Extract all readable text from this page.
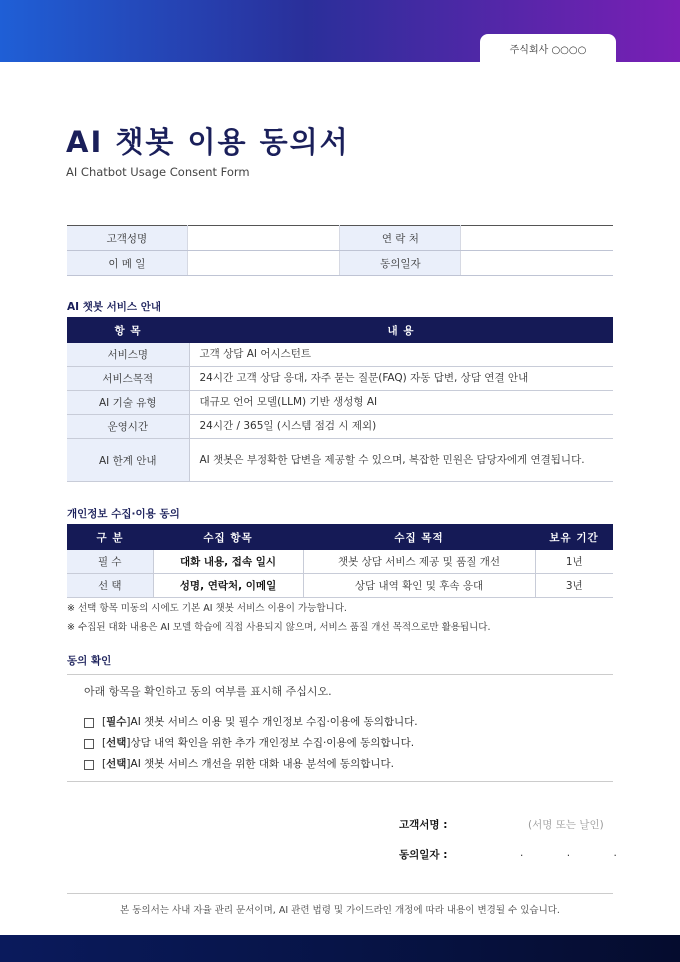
주식회사 ○○○○
AI 챗봇 이용 동의서
AI Chatbot Usage Consent Form
고객성명		연 락 처	
이 메 일		동의일자	
AI 챗봇 서비스 안내
항 목	내 용
서비스명	고객 상담 AI 어시스턴트
서비스목적	24시간 고객 상담 응대, 자주 묻는 질문(FAQ) 자동 답변, 상담 연결 안내
AI 기술 유형	대규모 언어 모델(LLM) 기반 생성형 AI
운영시간	24시간 / 365일 (시스템 점검 시 제외)
AI 한계 안내	AI 챗봇은 부정확한 답변을 제공할 수 있으며, 복잡한 민원은 담당자에게 연결됩니다.
개인정보 수집·이용 동의
구 분	수집 항목	수집 목적	보유 기간
필 수	대화 내용, 접속 일시	챗봇 상담 서비스 제공 및 품질 개선	1년
선 택	성명, 연락처, 이메일	상담 내역 확인 및 후속 응대	3년
※ 선택 항목 미동의 시에도 기본 AI 챗봇 서비스 이용이 가능합니다.
※ 수집된 대화 내용은 AI 모델 학습에 직접 사용되지 않으며, 서비스 품질 개선 목적으로만 활용됩니다.
동의 확인
아래 항목을 확인하고 동의 여부를 표시해 주십시오.
[ 필수 ] AI 챗봇 서비스 이용 및 필수 개인정보 수집·이용에 동의합니다.
[ 선택 ] 상담 내역 확인을 위한 추가 개인정보 수집·이용에 동의합니다.
[ 선택 ] AI 챗봇 서비스 개선을 위한 대화 내용 분석에 동의합니다.
고객서명 :	(서명 또는 날인)
동의일자 :	.             .             .
본 동의서는 사내 자율 관리 문서이며, AI 관련 법령 및 가이드라인 개정에 따라 내용이 변경될 수 있습니다.
